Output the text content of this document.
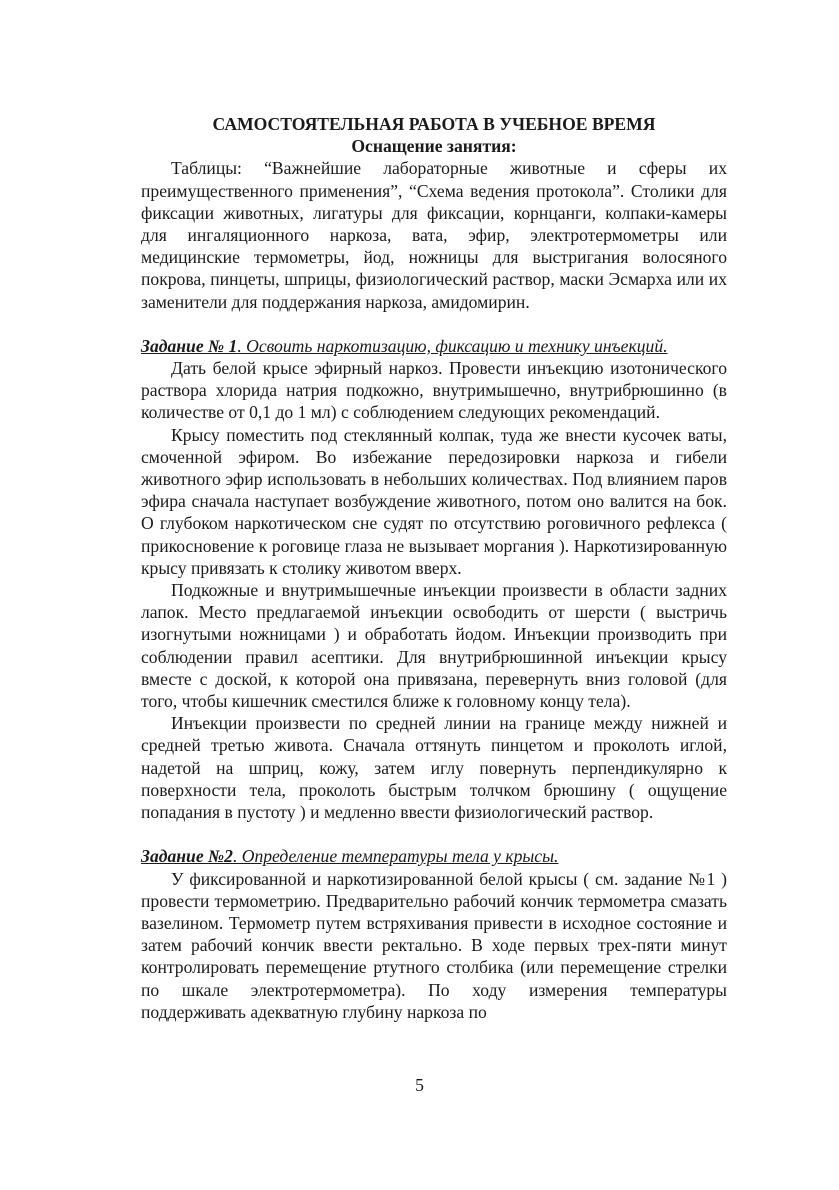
САМОСТОЯТЕЛЬНАЯ РАБОТА В УЧЕБНОЕ ВРЕМЯ

Оснащение занятия:

Таблицы: “Важнейшие лабораторные животные и сферы их преимущественного применения”, “Схема ведения протокола”. Столики для фиксации животных, лигатуры для фиксации, корнцанги, колпаки-камеры для ингаляционного наркоза, вата, эфир, электротермометры или медицинские термометры, йод, ножницы для выстригания волосяного покрова, пинцеты, шприцы, физиологический раствор, маски Эсмарха или их заменители для поддержания наркоза, амидомирин.

Задание № 1. Освоить наркотизацию, фиксацию и технику инъекций.

Дать белой крысе эфирный наркоз. Провести инъекцию изотонического раствора хлорида натрия подкожно, внутримышечно, внутрибрюшинно (в количестве от 0,1 до 1 мл) с соблюдением следующих рекомендаций.

Крысу поместить под стеклянный колпак, туда же внести кусочек ваты, смоченной эфиром. Во избежание передозировки наркоза и гибели животного эфир использовать в небольших количествах. Под влиянием паров эфира сначала наступает возбуждение животного, потом оно валится на бок. О глубоком наркотическом сне судят по отсутствию роговичного рефлекса ( прикосновение к роговице глаза не вызывает моргания ). Наркотизированную крысу привязать к столику животом вверх.

Подкожные и внутримышечные инъекции произвести в области задних лапок. Место предлагаемой инъекции освободить от шерсти ( выстричь изогнутыми ножницами ) и обработать йодом. Инъекции производить при соблюдении правил асептики. Для внутрибрюшинной инъекции крысу вместе с доской, к которой она привязана, перевернуть вниз головой (для того, чтобы кишечник сместился ближе к головному концу тела).

Инъекции произвести по средней линии на границе между нижней и средней третью живота. Сначала оттянуть пинцетом и проколоть иглой, надетой на шприц, кожу, затем иглу повернуть перпендикулярно к поверхности тела, проколоть быстрым толчком брюшину ( ощущение попадания в пустоту ) и медленно ввести физиологический раствор.

Задание №2. Определение температуры тела у крысы.

У фиксированной и наркотизированной белой крысы ( см. задание №1 ) провести термометрию. Предварительно рабочий кончик термометра смазать вазелином. Термометр путем встряхивания привести в исходное состояние и затем рабочий кончик ввести ректально. В ходе первых трех-пяти минут контролировать перемещение ртутного столбика (или перемещение стрелки по шкале электротермометра). По ходу измерения температуры поддерживать адекватную глубину наркоза по

5
